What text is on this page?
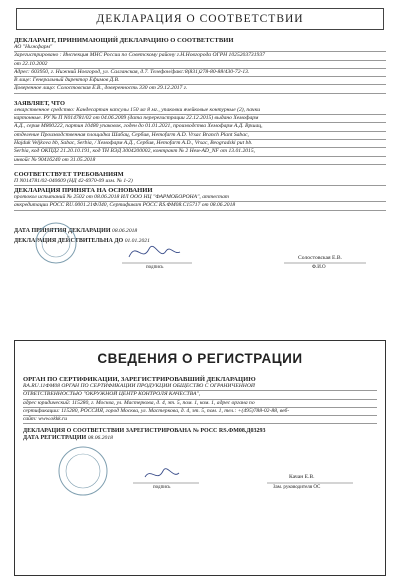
ДЕКЛАРАЦИЯ О СООТВЕТСТВИИ
ДЕКЛАРАНТ, ПРИНИМАЮЩИЙ ДЕКЛАРАЦИЮ О СООТВЕТСТВИИ
АО "Нижфарм"
Зарегистрировано : Инспекция МНС России по Советскому району г.Н.Новгорода ОГРН 1025203731937
от 22.10.2002
Адрес: 603950, г. Нижний Новгород, ул. Салганская, д.7. Телефон/факс:8(831)278-80-88/430-72-13.
В лице: Генеральный директор Ефимов Д.В.
Доверенное лицо: Солостовская Е.В., доверенность 330 от 29.12.2017 г.
ЗАЯВЛЯЕТ, ЧТО
лекарственное средство: Кандесартан капсулы 150 мг 8 мг., упаковки ячейковые контурные (2), пачки
картонные. РУ № П N014781/02 от 04.06.2009 (дата перерегистрации 22.12.2015) выдано Хемофарм
А.Д., серия М800222, партия 10480 упаковок, годен до 01.01.2021, производства Хемофарм А.Д. Вршац,
отделение Производственная площадка Шабац, Сербия, Hemofarm A.D. Vrsac Branch Plant Sabac,
Hajduk Veljkova bb, Sabac, Serbia, / Хемофарм А.Д., Сербия, Hemofarm A.D., Vrsac, Beogradski put bb.
Serbia, код ОКПД2 21.20.10.191, код ТН ВЭД 3004200002, контракт № 2 Нем-AD_NF от 13.01.2015,
инвойс № 90416240 от 31.05.2018
СООТВЕТСТВУЕТ ТРЕБОВАНИЯМ
П N014781/02-040609 (НД 42-6970-09 изм. № 1-2)
ДЕКЛАРАЦИЯ ПРИНЯТА НА ОСНОВАНИИ
протокол испытаний № 2502 от 08.06.2018 ИЛ ООО НЦ "ФАРМОБОРОНА", аттестат
аккредитации РОСС RU.0001.21ФЛ40, Сертификат РОСС RS.ФМ08.С15717 от 08.06.2018
ДАТА ПРИНЯТИЯ ДЕКЛАРАЦИИ 08.06.2018
ДЕКЛАРАЦИЯ ДЕЙСТВИТЕЛЬНА ДО 01.01.2021
подпись
Солостовская Е.В.
Ф.И.О
СВЕДЕНИЯ О РЕГИСТРАЦИИ
ОРГАН ПО СЕРТИФИКАЦИИ, ЗАРЕГИСТРИРОВАВШИЙ ДЕКЛАРАЦИЮ
RA.RU.11ФМ08 ОРГАН ПО СЕРТИФИКАЦИИ ПРОДУКЦИИ ОБЩЕСТВО С ОГРАНИЧЕННОЙ
ОТВЕТСТВЕННОСТЬЮ "ОКРУЖНОЙ ЦЕНТР КОНТРОЛЯ КАЧЕСТВА",
адрес юридический: 115280, г. Москва, ул. Мастеркова, д. 4, эт. 5, пом. 1, ком. 1, адрес органа по
сертификации: 115280, РОССИЯ, город Москва, ул. Мастеркова, д. 4, эт. 5, пом. 1, тел.: +(495)788-02-88, веб-
сайт: www.okkk.ru
ДЕКЛАРАЦИЯ О СООТВЕТСТВИИ ЗАРЕГИСТРИРОВАНА № РОСС RS.ФМ08.Д03293
ДАТА РЕГИСТРАЦИИ 08.06.2018
подпись
Качан Е.В.
Зам. руководителя ОС
